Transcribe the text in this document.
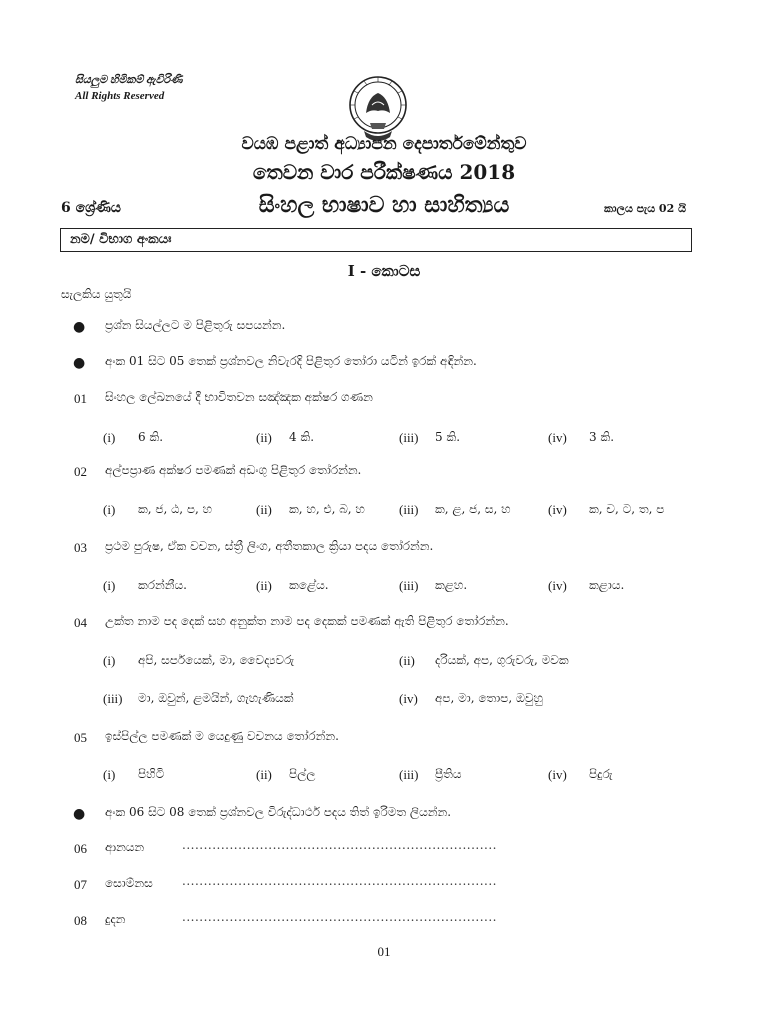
සියලුම හිමිකම් ඇවිරිණි
All Rights Reserved
වයඹ පළාත් අධ්‍යාපන දෙපාර්තමේන්තුව
තෙවන වාර පරීක්ෂණය 2018
6 ශ්‍රේණිය	සිංහල භාෂාව හා සාහිත්‍යය	කාලය පැය 02 යි
නම/ විභාග අංකයඃ
I - කොටස
සැලකිය යුතුයි
● ප්‍රශ්න සියල්ලට ම පිළිතුරු සපයන්න.
● අංක 01 සිට 05 තෙක් ප්‍රශ්නවල නිවැරදි පිළිතුර තෝරා යටින් ඉරක් අඳින්න.
01 සිංහල ලේඛනයේ දී භාවිතවන සඤ්ඤක අක්ෂර ගණන
(i) 6 කි.	(ii) 4 කි.	(iii) 5 කි.	(iv) 3 කි.
02 අල්පප්‍රාණ අක්ෂර පමණක් අඩංගු පිළිතුර තෝරන්න.
(i) ක, ජ, ඨ, ප, හ	(ii) ක, හ, එ, බ, හ	(iii) ක, ළ, ජ, ස, හ	(iv) ක, ච, ට, ත, ප
03 ප්‍රථම පුරුෂ, ඒක වචන, ස්ත්‍රී ලිංග, අතීතකාල ක්‍රියා පදය තෝරන්න.
(i) කරන්නීය.	(ii) කළේය.	(iii) කළහ.	(iv) කළාය.
04 උක්ත නාම පද දෙක් සහ අනුක්ත නාම පද දෙකක් පමණක් ඇති පිළිතුර තෝරන්න.
(i) අපි, සර්පයෙක්, මා, වෛද්‍යවරු	(ii) දරියක්, අප, ගුරුවරු, මවක
(iii) මා, ඔවුන්, ළමයින්, ගැහැණියක්	(iv) අප, මා, තොප, ඔවුහු
05 ඉස්පිල්ල පමණක් ම යෙදුණු වචනය තෝරන්න.
(i) පිහිටි	(ii) පිල්ල	(iii) ප්‍රීතිය	(iv) පිදුරු
● අංක 06 සිට 08 තෙක් ප්‍රශ්නවල විරුද්ධාර්ථ පදය තිත් ඉරිමත ලියන්න.
06 ආනයන	.........................................................................
07 සොම්නස .........................................................................
08 දුදන	.........................................................................
01
